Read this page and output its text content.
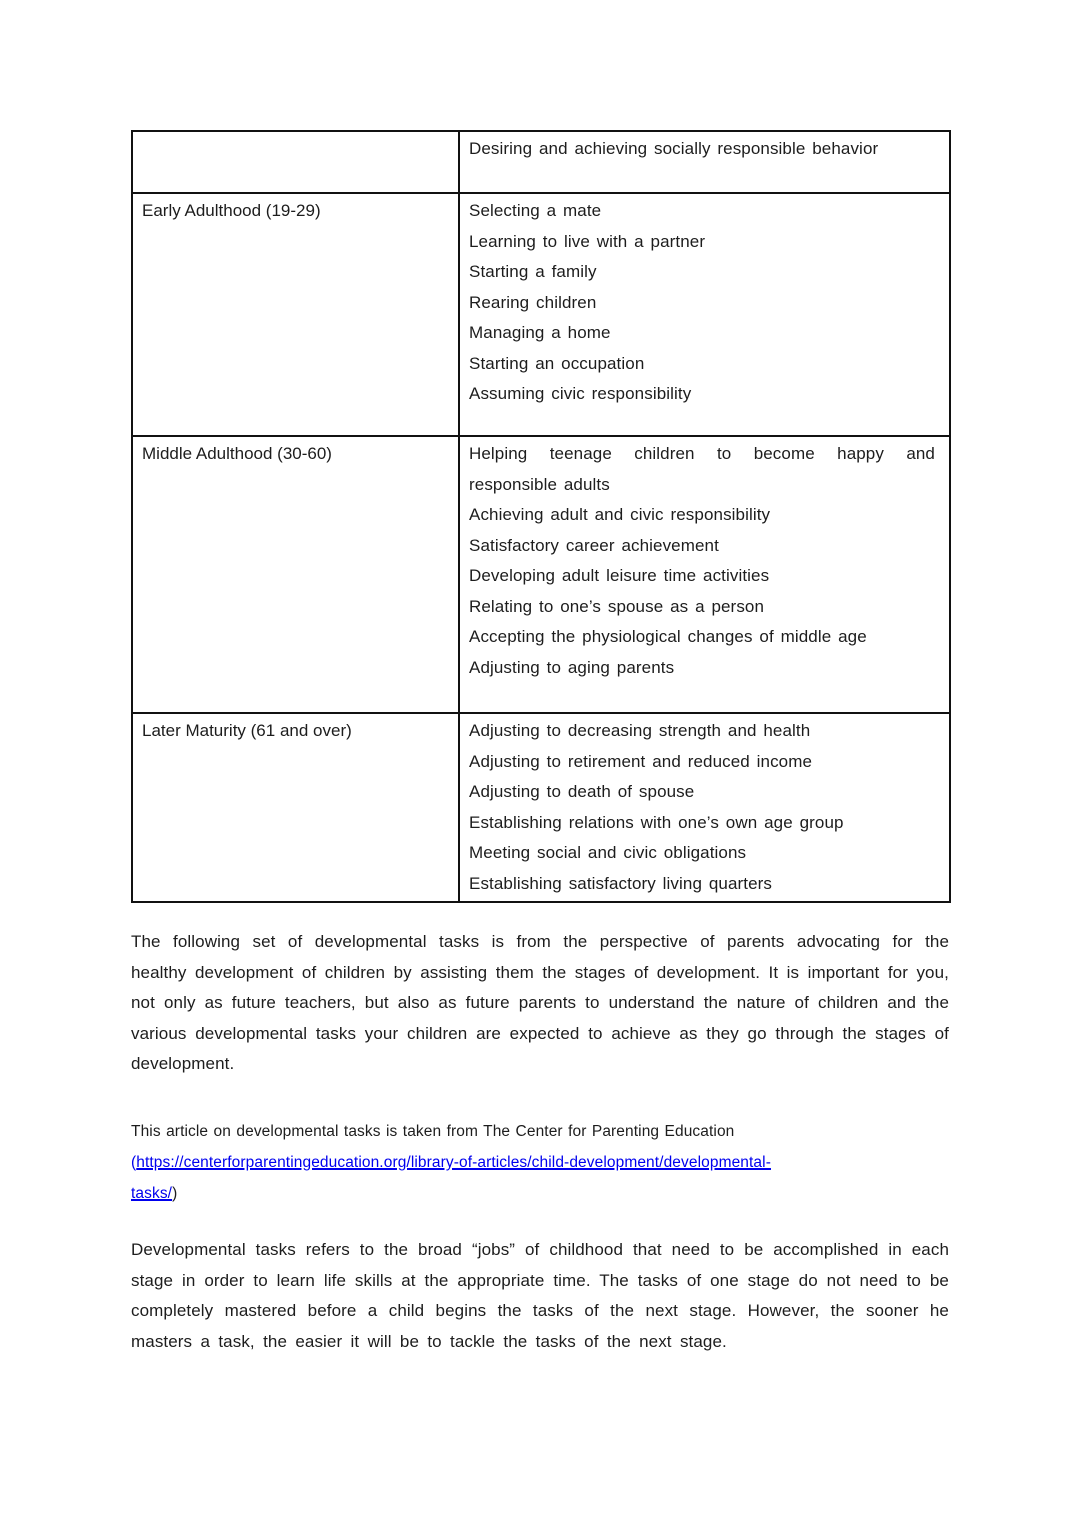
	Desiring and achieving socially responsible behavior

Early Adulthood (19-29)	Selecting a mate
Learning to live with a partner
Starting a family
Rearing children
Managing a home
Starting an occupation
Assuming civic responsibility

Middle Adulthood (30-60)	Helping teenage children to become happy and responsible adults
Achieving adult and civic responsibility
Satisfactory career achievement
Developing adult leisure time activities
Relating to one’s spouse as a person
Accepting the physiological changes of middle age
Adjusting to aging parents

Later Maturity (61 and over)	Adjusting to decreasing strength and health
Adjusting to retirement and reduced income
Adjusting to death of spouse
Establishing relations with one’s own age group
Meeting social and civic obligations
Establishing satisfactory living quarters

The following set of developmental tasks is from the perspective of parents advocating for the healthy development of children by assisting them the stages of development. It is important for you, not only as future teachers, but also as future parents to understand the nature of children and the various developmental tasks your children are expected to achieve as they go through the stages of development.

This article on developmental tasks is taken from The Center for Parenting Education
(https://centerforparentingeducation.org/library-of-articles/child-development/developmental-
tasks/)

Developmental tasks refers to the broad “jobs” of childhood that need to be accomplished in each stage in order to learn life skills at the appropriate time. The tasks of one stage do not need to be completely mastered before a child begins the tasks of the next stage. However, the sooner he masters a task, the easier it will be to tackle the tasks of the next stage.
